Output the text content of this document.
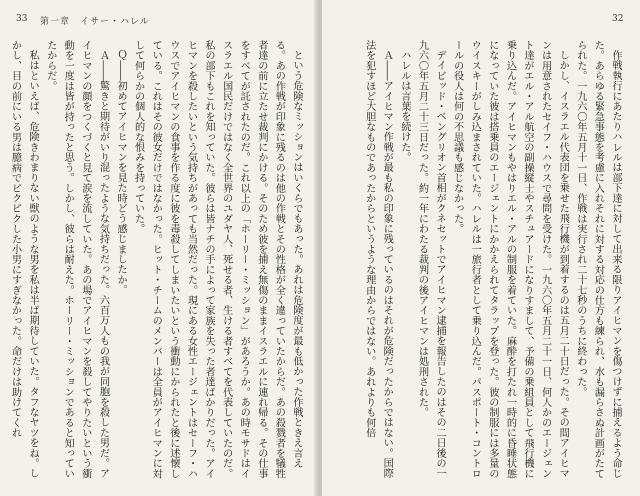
33 第一章　イサー・ハレル

という危険なミッションはいくらでもあった。あれは危険度が最も低かった作戦ときえ言える。あの作戦が印象に残るのは他の作戦とその性格が全く違っていたからだ。あの殺戮者を犠牲者達の前に立たせ裁判にかける。そのため彼を捕え無傷のままイスラエルに連れ帰る。その仕事をすべてが託されたのだ。これ以上の「ホーリー・ミッション」があろうか。あの時モサドはイスラエル国民だけではなく全世界のユダヤ人、死せる者、生ける者すべてを代表していたのだ。私の部下もこれを知っていた。彼らは皆ナチの手によって家族を失った者達ばかりだった。アイヒマンを殺したいという気持ちがあっても当然だった。現にある女性エージェントはセーフ・ハウスでアイヒマンの食事を作る度に彼を毒殺してしまいたいという衝動にかられたと後に述懐している。これはその彼女だけではなかった。ヒット・チームのメンバーは全員がアイヒマンに対して何らかの個人的な恨みを持っていた。

Ｑ――初めてアイヒマンを見た時どう感じましたか。

Ａ――驚きと期待がいり混ったような気持ちだった。六百万人もの我が同胞を殺した男だ。アイヒマンの顔をつくづくと見て涙を流していた。あの場でアイヒマンを殺してやりたいという衝動を一度は皆が持ったと思う。しかし、彼らは耐えた。ホーリー・ミッションであると知っていたからだ。

私はといえば、危険きわまりない獣のような男を私は半ば期待していた。タフなヤツをね。しかし、目の前にいる男は臆病でピクピクした小男にすぎなかった。命だけは助けてくれ

32

作戦執行にあたりハレルは部下達に対して出来る限りアイヒマンを傷つけずに捕えるよう命じた。あらゆる緊急事態を考慮に入れそれに対する対応の仕方も練られ、水も漏らさぬ計画がたてられた。一九六〇年五月十一日、作戦は実行され二十七秒のうちに終わった。

しかし、イスラエル代表団を乗せた飛行機が到着するのは五月二十日だった。その間アイヒマンは用意されたセイフ・ハウスで尋問を受けた。一九六〇年五月二十一日、何人かのエージェント達がエル・アル航空の副操縦士やスチュアードになりすまして、予備の乗組員として飛行機に乗り込んだ。アイヒマンもやはりエル・アルの制服を着ていた。麻酔を打たれ一時的に昏睡状態になっていた彼は搭乗員のエージェントにかかえられてタラップを登った。彼の制服には多量のウイスキーがしみ込まされていた。ハレルは一旅行者として乗り込んだ。パスポート・コントロールの役人は何の不思議も感じなかった。

デイビッド・ベングリオン首相がクネセットでアイヒマン逮捕を報告したのはその二日後の一九六〇年五月二十三日だった。約一年にわたる裁判の後アイヒマンは処刑された。

ハレルは言葉を続けた。

Ａ――アイヒマン作戦が最も私の印象に残っているのはそれが危険だったからではない。国際法を犯すほど大胆なものであったからというような理由からではない。あれよりも何倍
